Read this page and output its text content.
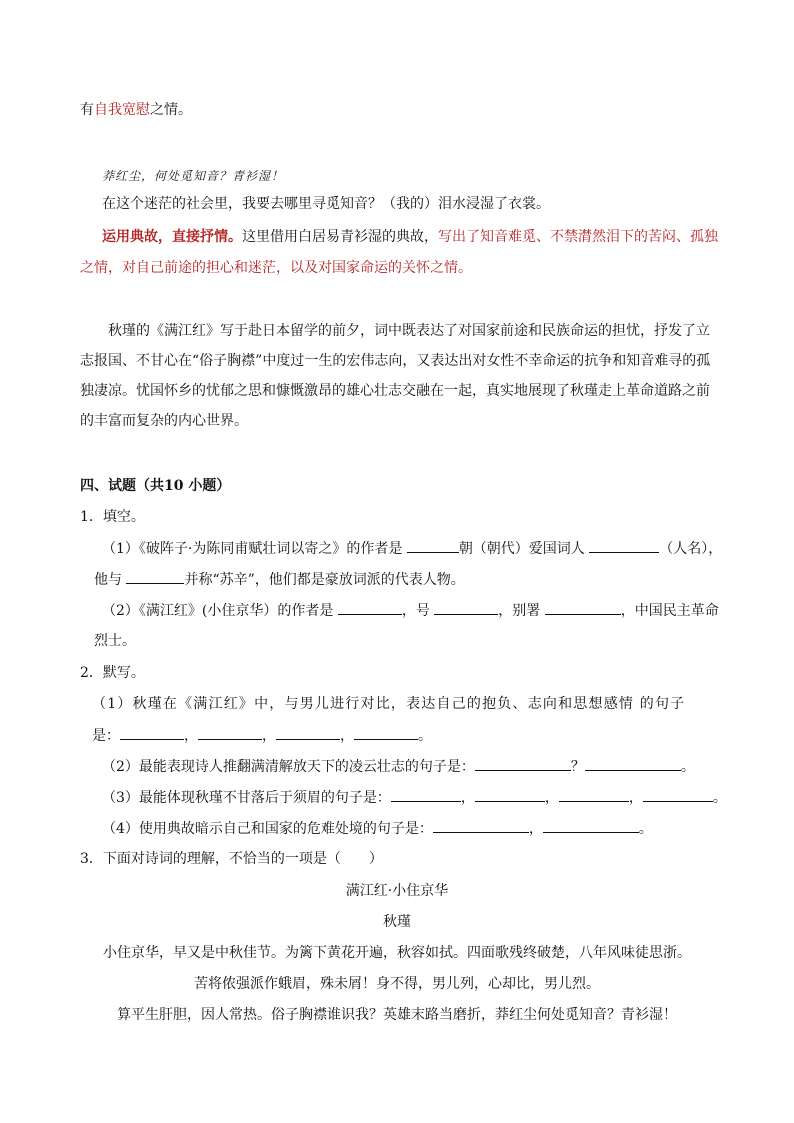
有自我宽慰之情。
莽红尘，何处觅知音？青衫湿！
在这个迷茫的社会里，我要去哪里寻觅知音？（我的）泪水浸湿了衣裳。
运用典故，直接抒情。这里借用白居易青衫湿的典故，写出了知音难觅、不禁潸然泪下的苦闷、孤独
之情，对自己前途的担心和迷茫，以及对国家命运的关怀之情。
秋瑾的《满江红》写于赴日本留学的前夕，词中既表达了对国家前途和民族命运的担忧，抒发了立志报国、不甘心在“俗子胸襟”中度过一生的宏伟志向，又表达出对女性不幸命运的抗争和知音难寻的孤独凄凉。忧国怀乡的忧郁之思和慷慨激昂的雄心壮志交融在一起，真实地展现了秋瑾走上革命道路之前的丰富而复杂的内心世界。
四、试题（共10 小题）
1．填空。
（1）《破阵子·为陈同甫赋壮词以寄之》的作者是	朝（朝代）爱国词人	（人名），
他与	并称“苏辛”，他们都是豪放词派的代表人物。
（2）《满江红》(小住京华）的作者是	，号	，别署	，中国民主革命
烈士。
2．默写。
（1）秋瑾在《满江红》中，与男儿进行对比，表达自己的抱负、志向和思想感情 的句子
是：	，	，	，	。
（2）最能表现诗人推翻满清解放天下的凌云壮志的句子是：	？	。
（3）最能体现秋瑾不甘落后于须眉的句子是：	，	，	，	。
（4）使用典故暗示自己和国家的危难处境的句子是：	，	。
3．下面对诗词的理解，不恰当的一项是（　　）
满江红·小住京华
秋瑾
小住京华，早又是中秋佳节。为篱下黄花开遍，秋容如拭。四面歌残终破楚，八年风味徒思浙。
苦将侬强派作蛾眉，殊未屑！身不得，男儿列，心却比，男儿烈。
算平生肝胆，因人常热。俗子胸襟谁识我？英雄末路当磨折，莽红尘何处觅知音？青衫湿！
